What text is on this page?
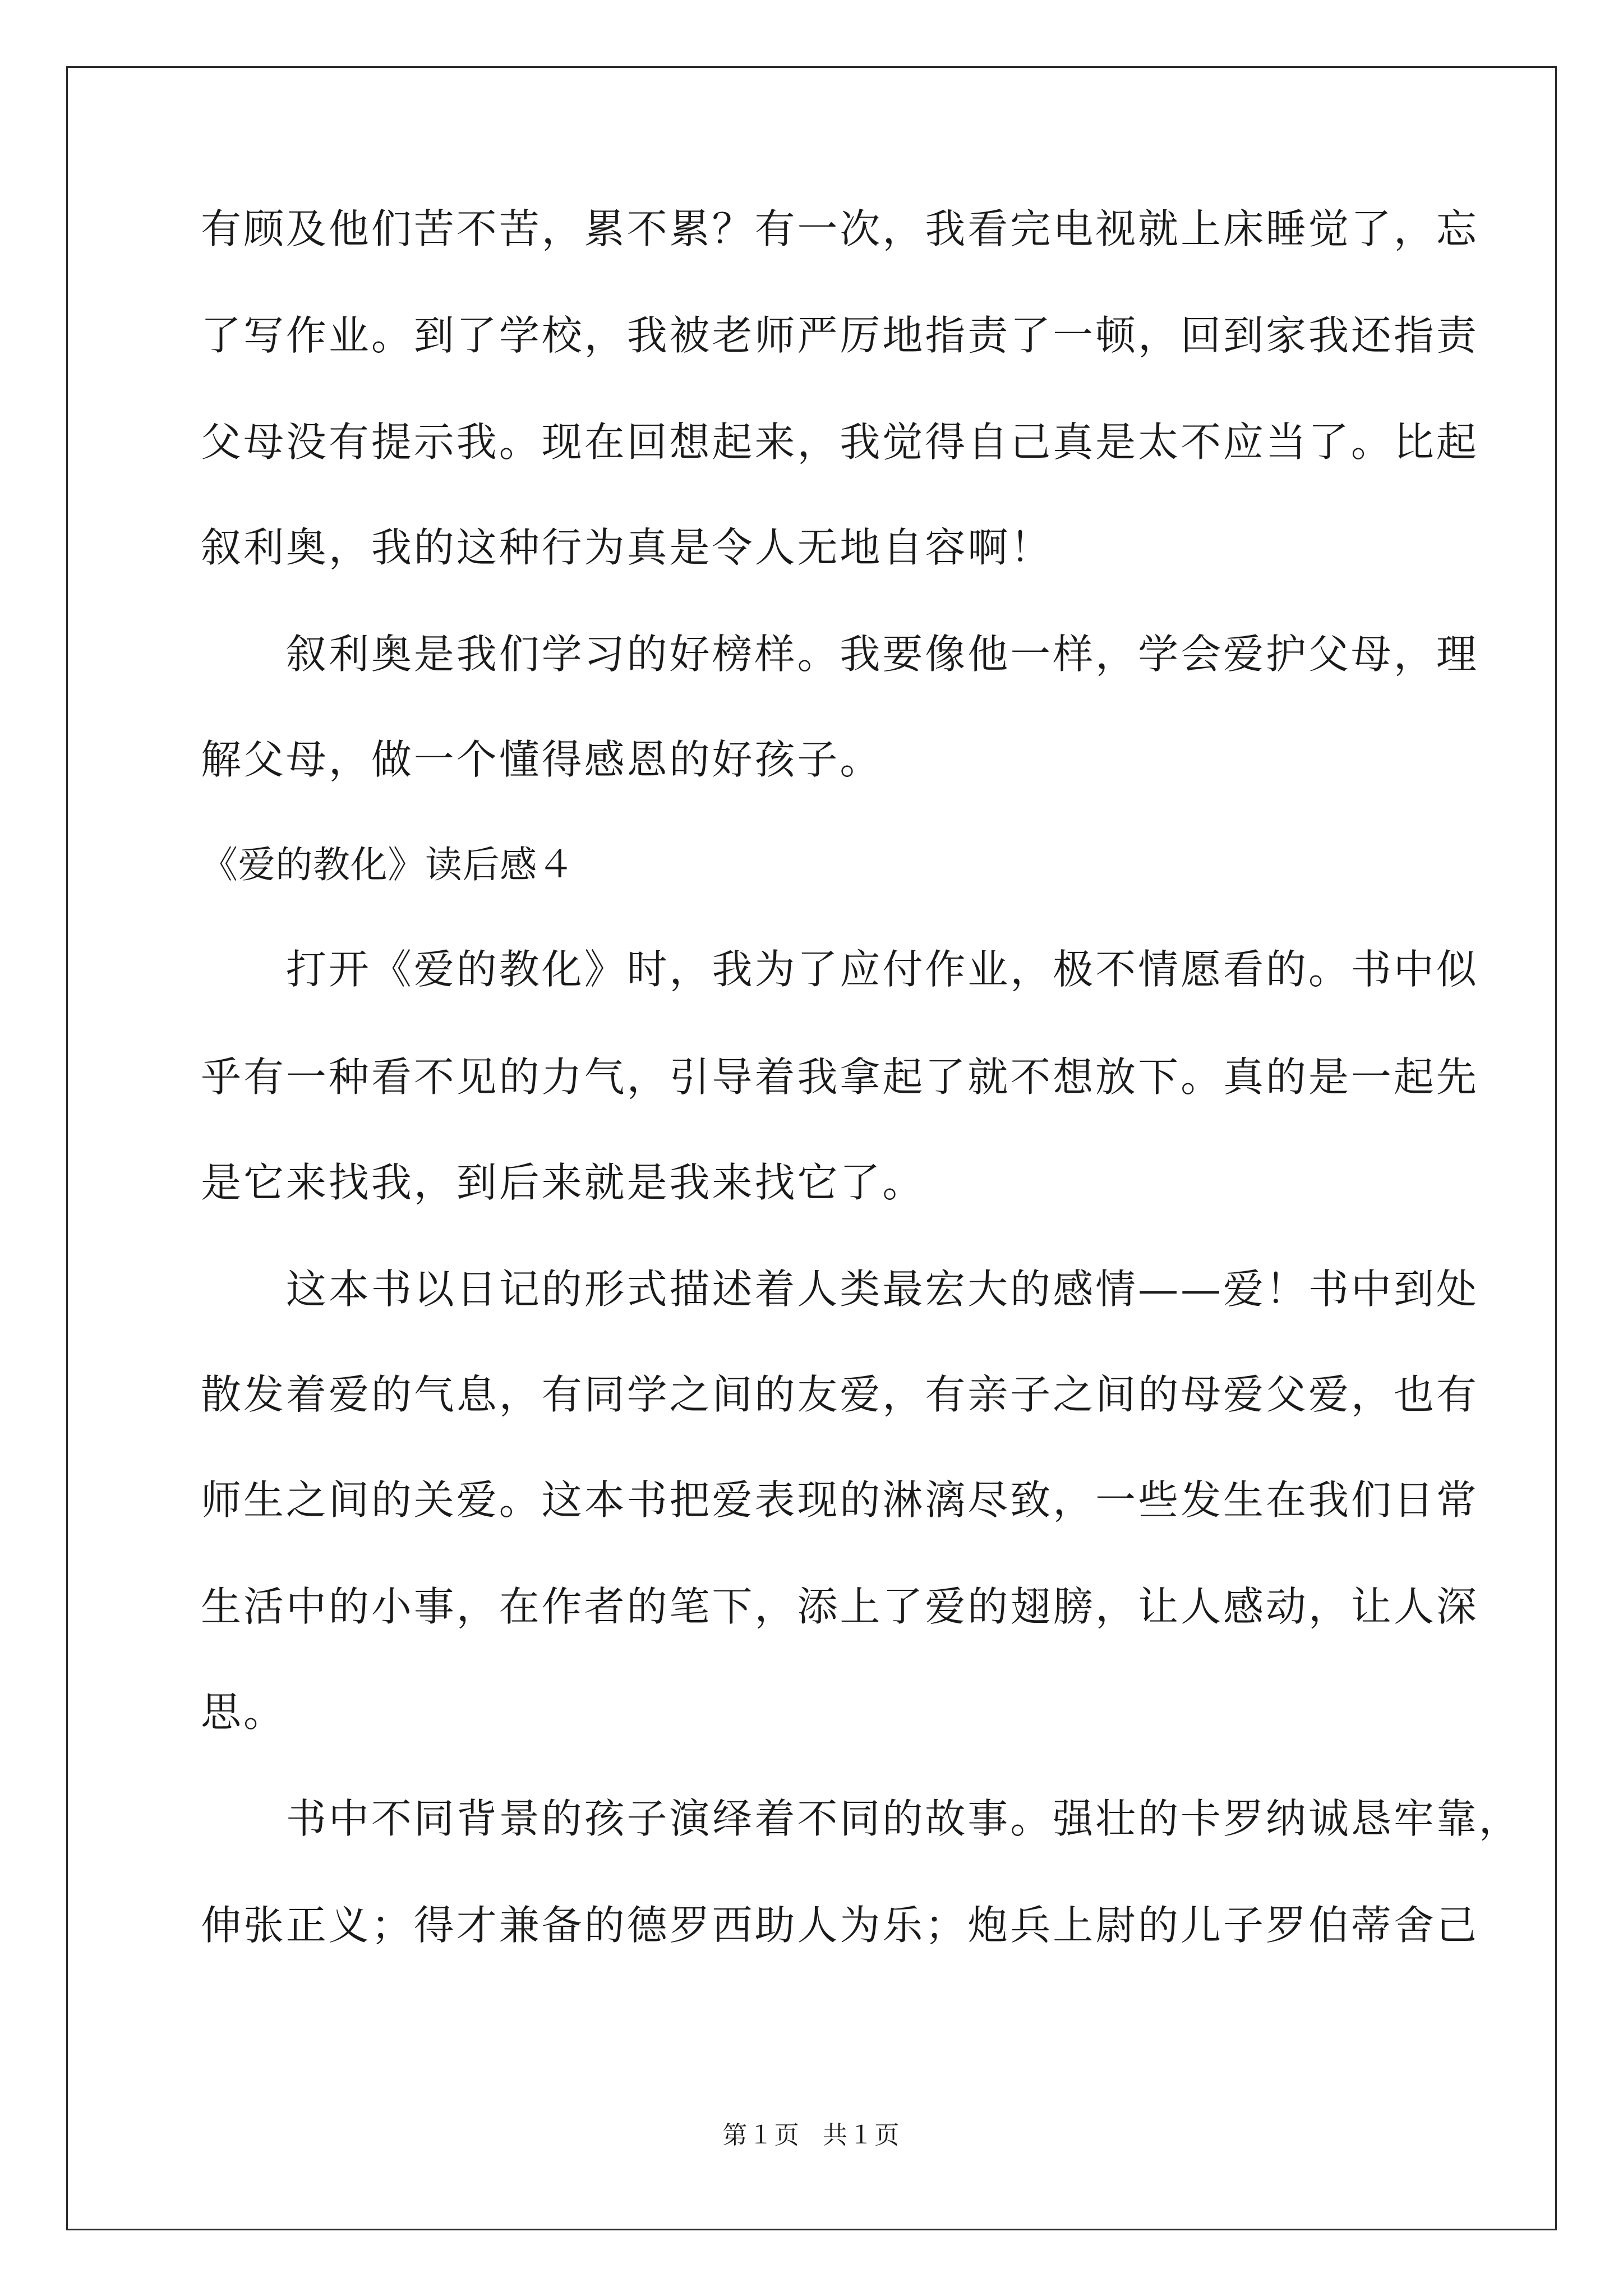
有顾及他们苦不苦，累不累？有一次，我看完电视就上床睡觉了，忘

了写作业。到了学校，我被老师严厉地指责了一顿，回到家我还指责

父母没有提示我。现在回想起来，我觉得自己真是太不应当了。比起

叙利奥，我的这种行为真是令人无地自容啊！

　　叙利奥是我们学习的好榜样。我要像他一样，学会爱护父母，理

解父母，做一个懂得感恩的好孩子。

《爱的教化》读后感４

　　打开《爱的教化》时，我为了应付作业，极不情愿看的。书中似

乎有一种看不见的力气，引导着我拿起了就不想放下。真的是一起先

是它来找我，到后来就是我来找它了。

　　这本书以日记的形式描述着人类最宏大的感情——爱！书中到处

散发着爱的气息，有同学之间的友爱，有亲子之间的母爱父爱，也有

师生之间的关爱。这本书把爱表现的淋漓尽致，一些发生在我们日常

生活中的小事，在作者的笔下，添上了爱的翅膀，让人感动，让人深

思。

　　书中不同背景的孩子演绎着不同的故事。强壮的卡罗纳诚恳牢靠，

伸张正义；得才兼备的德罗西助人为乐；炮兵上尉的儿子罗伯蒂舍己

第１页 共１页
